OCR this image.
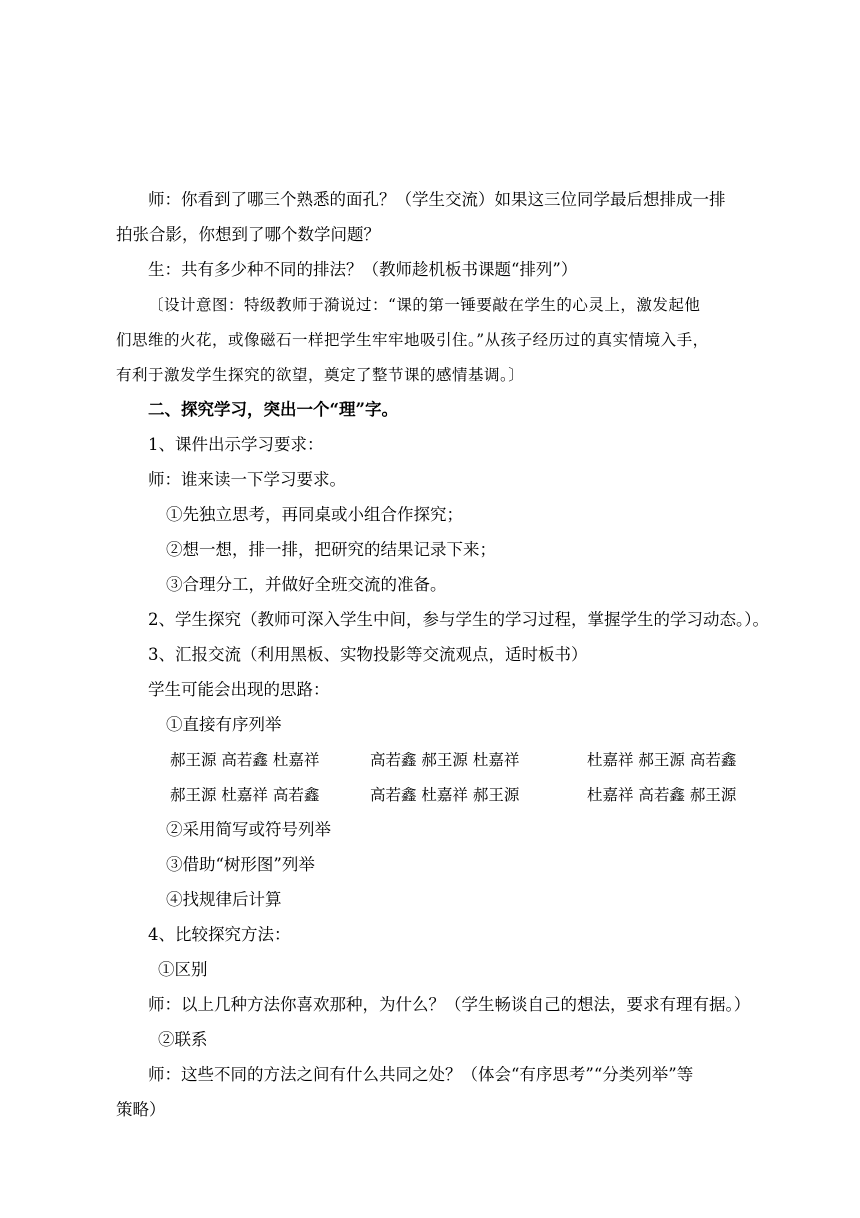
师：你看到了哪三个熟悉的面孔？（学生交流）如果这三位同学最后想排成一排
拍张合影，你想到了哪个数学问题？
生：共有多少种不同的排法？（教师趁机板书课题“排列”）
〔设计意图：特级教师于漪说过：“课的第一锤要敲在学生的心灵上，激发起他
们思维的火花，或像磁石一样把学生牢牢地吸引住。”从孩子经历过的真实情境入手，
有利于激发学生探究的欲望，奠定了整节课的感情基调。〕
二、探究学习，突出一个“理”字。
1、课件出示学习要求：
师：谁来读一下学习要求。
①先独立思考，再同桌或小组合作探究；
②想一想，排一排，把研究的结果记录下来；
③合理分工，并做好全班交流的准备。
2、学生探究（教师可深入学生中间，参与学生的学习过程，掌握学生的学习动态。）。
3、汇报交流（利用黑板、实物投影等交流观点，适时板书）
学生可能会出现的思路：
①直接有序列举
郝王源 高若鑫 杜嘉祥	高若鑫 郝王源 杜嘉祥	杜嘉祥 郝王源 高若鑫
郝王源 杜嘉祥 高若鑫	高若鑫 杜嘉祥 郝王源	杜嘉祥 高若鑫 郝王源
②采用简写或符号列举
③借助“树形图”列举
④找规律后计算
4、比较探究方法：
①区别
师：以上几种方法你喜欢那种，为什么？（学生畅谈自己的想法，要求有理有据。）
②联系
师：这些不同的方法之间有什么共同之处？（体会“有序思考”“分类列举”等
策略）
